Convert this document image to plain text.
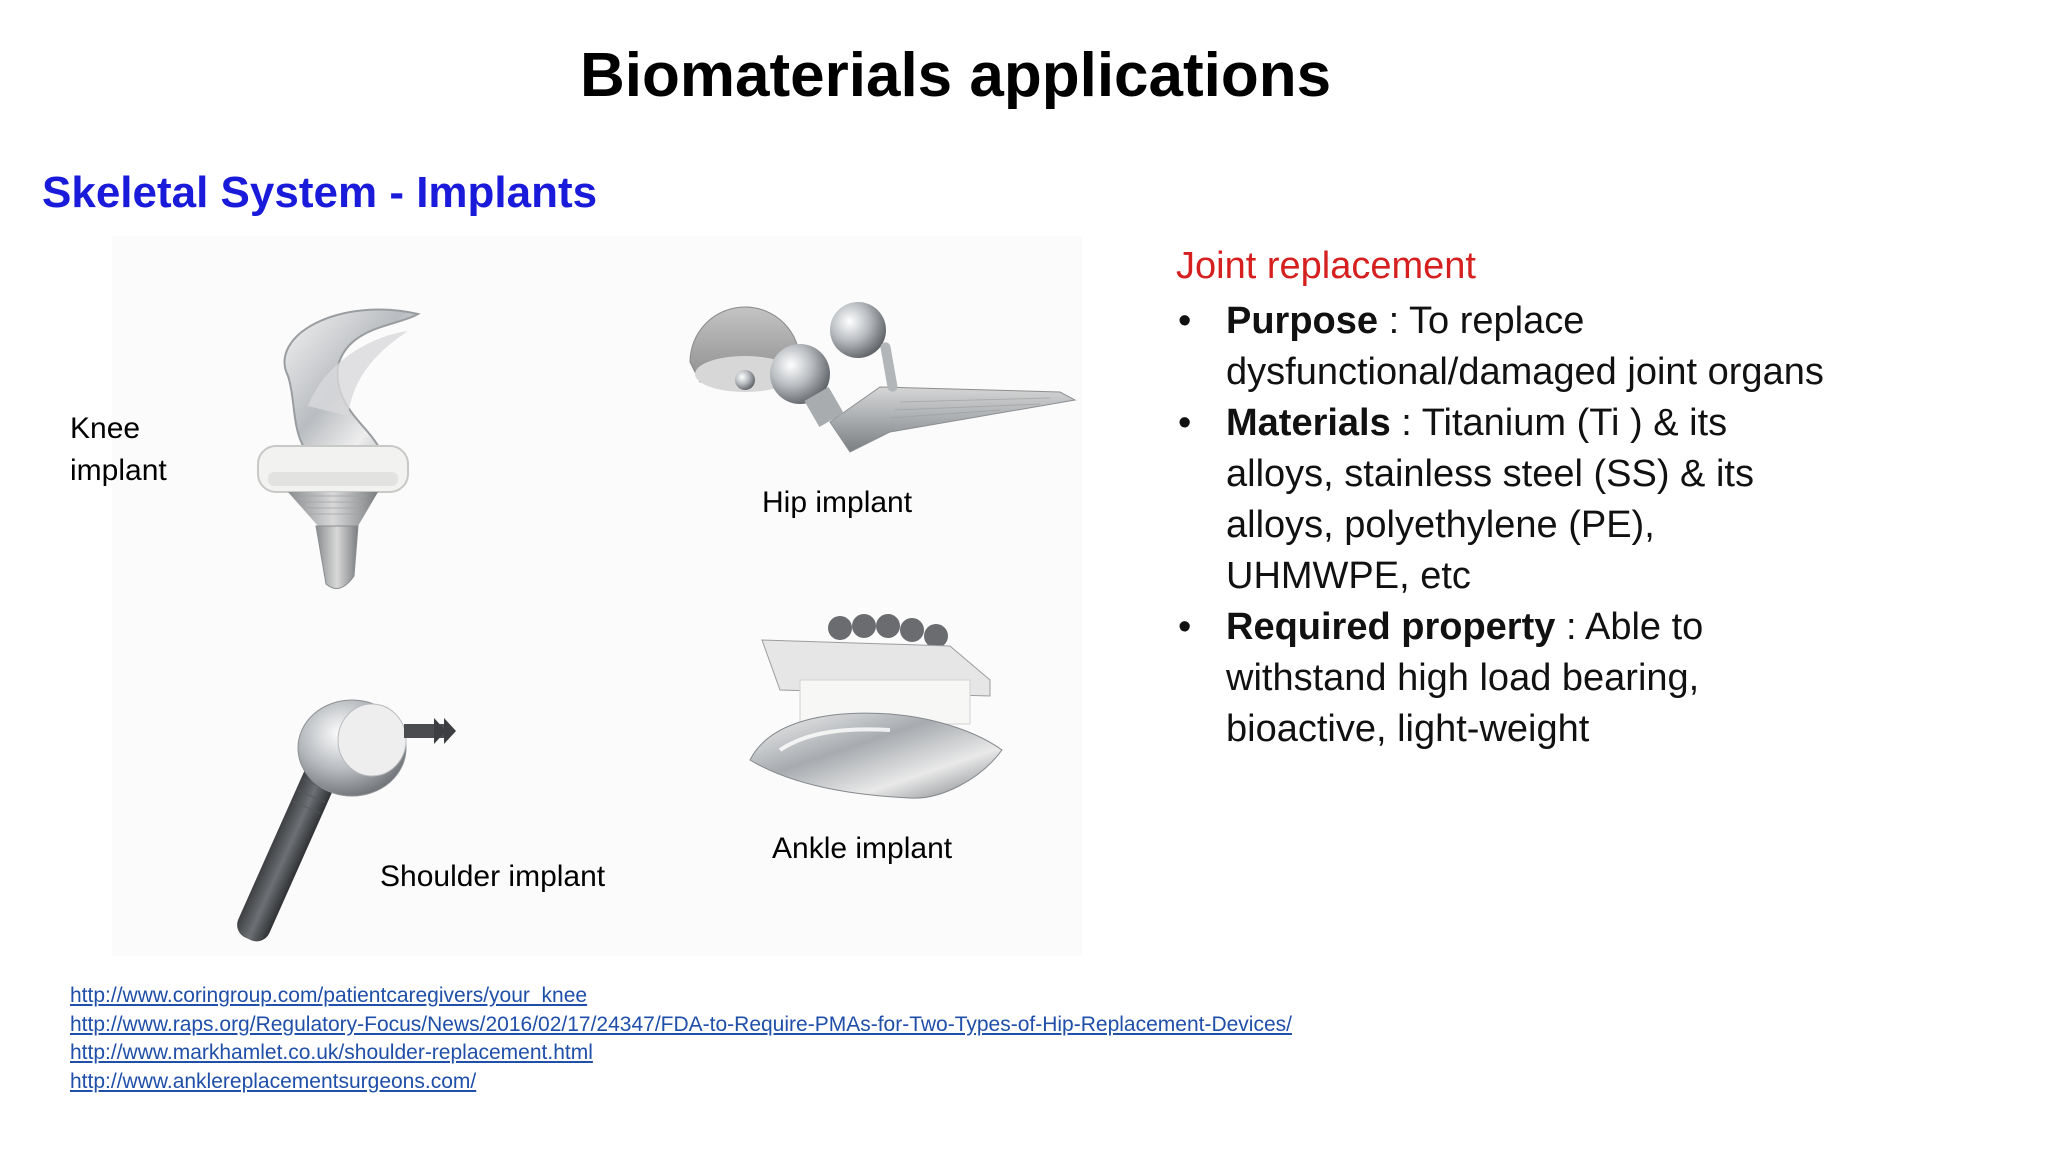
Biomaterials applications
Skeletal System - Implants
Knee
implant
Hip implant
Shoulder implant
Ankle implant
Joint replacement
• Purpose : To replace dysfunctional/damaged joint organs
• Materials : Titanium (Ti ) & its alloys, stainless steel (SS) & its alloys, polyethylene (PE), UHMWPE, etc
• Required property : Able to withstand high load bearing, bioactive, light-weight
http://www.coringroup.com/patientcaregivers/your_knee
http://www.raps.org/Regulatory-Focus/News/2016/02/17/24347/FDA-to-Require-PMAs-for-Two-Types-of-Hip-Replacement-Devices/
http://www.markhamlet.co.uk/shoulder-replacement.html
http://www.anklereplacementsurgeons.com/
